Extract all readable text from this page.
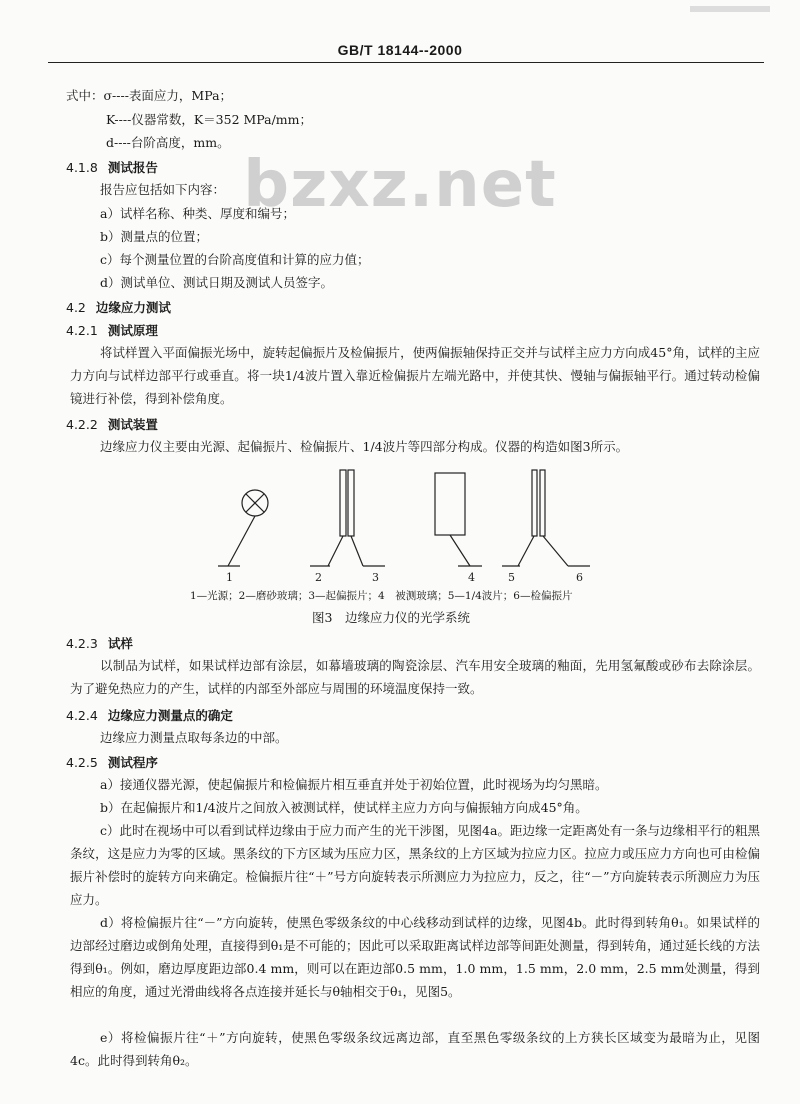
GB/T 18144--2000
bzxz.net
式中：σ----表面应力，MPa；
K----仪器常数，K＝352 MPa/mm；
d----台阶高度，mm。
4.1.8 测试报告
报告应包括如下内容：
a）试样名称、种类、厚度和编号；
b）测量点的位置；
c）每个测量位置的台阶高度值和计算的应力值；
d）测试单位、测试日期及测试人员签字。
4.2 边缘应力测试
4.2.1 测试原理
将试样置入平面偏振光场中，旋转起偏振片及检偏振片，使两偏振轴保持正交并与试样主应力方向成45°角，试样的主应力方向与试样边部平行或垂直。将一块1/4波片置入靠近检偏振片左端光路中，并使其快、慢轴与偏振轴平行。通过转动检偏镜进行补偿，得到补偿角度。
4.2.2 测试装置
边缘应力仪主要由光源、起偏振片、检偏振片、1/4波片等四部分构成。仪器的构造如图3所示。
1	2	3	4	5	6
1—光源；2—磨砂玻璃；3—起偏振片；4　被测玻璃；5—1/4波片；6—检偏振片
图3　边缘应力仪的光学系统
4.2.3 试样
以制品为试样，如果试样边部有涂层，如幕墙玻璃的陶瓷涂层、汽车用安全玻璃的釉面，先用氢氟酸或砂布去除涂层。为了避免热应力的产生，试样的内部至外部应与周围的环境温度保持一致。
4.2.4 边缘应力测量点的确定
边缘应力测量点取每条边的中部。
4.2.5 测试程序
a）接通仪器光源，使起偏振片和检偏振片相互垂直并处于初始位置，此时视场为均匀黑暗。
b）在起偏振片和1/4波片之间放入被测试样，使试样主应力方向与偏振轴方向成45°角。
c）此时在视场中可以看到试样边缘由于应力而产生的光干涉图，见图4a。距边缘一定距离处有一条与边缘相平行的粗黑条纹，这是应力为零的区域。黑条纹的下方区域为压应力区，黑条纹的上方区域为拉应力区。拉应力或压应力方向也可由检偏振片补偿时的旋转方向来确定。检偏振片往“＋”号方向旋转表示所测应力为拉应力，反之，往“－”方向旋转表示所测应力为压应力。
d）将检偏振片往“－”方向旋转，使黑色零级条纹的中心线移动到试样的边缘，见图4b。此时得到转角θ₁。如果试样的边部经过磨边或倒角处理，直接得到θ₁是不可能的；因此可以采取距离试样边部等间距处测量，得到转角，通过延长线的方法得到θ₁。例如，磨边厚度距边部0.4 mm，则可以在距边部0.5 mm，1.0 mm，1.5 mm，2.0 mm，2.5 mm处测量，得到相应的角度，通过光滑曲线将各点连接并延长与θ轴相交于θ₁，见图5。
e）将检偏振片往“＋”方向旋转，使黑色零级条纹远离边部，直至黑色零级条纹的上方狭长区域变为最暗为止，见图4c。此时得到转角θ₂。
